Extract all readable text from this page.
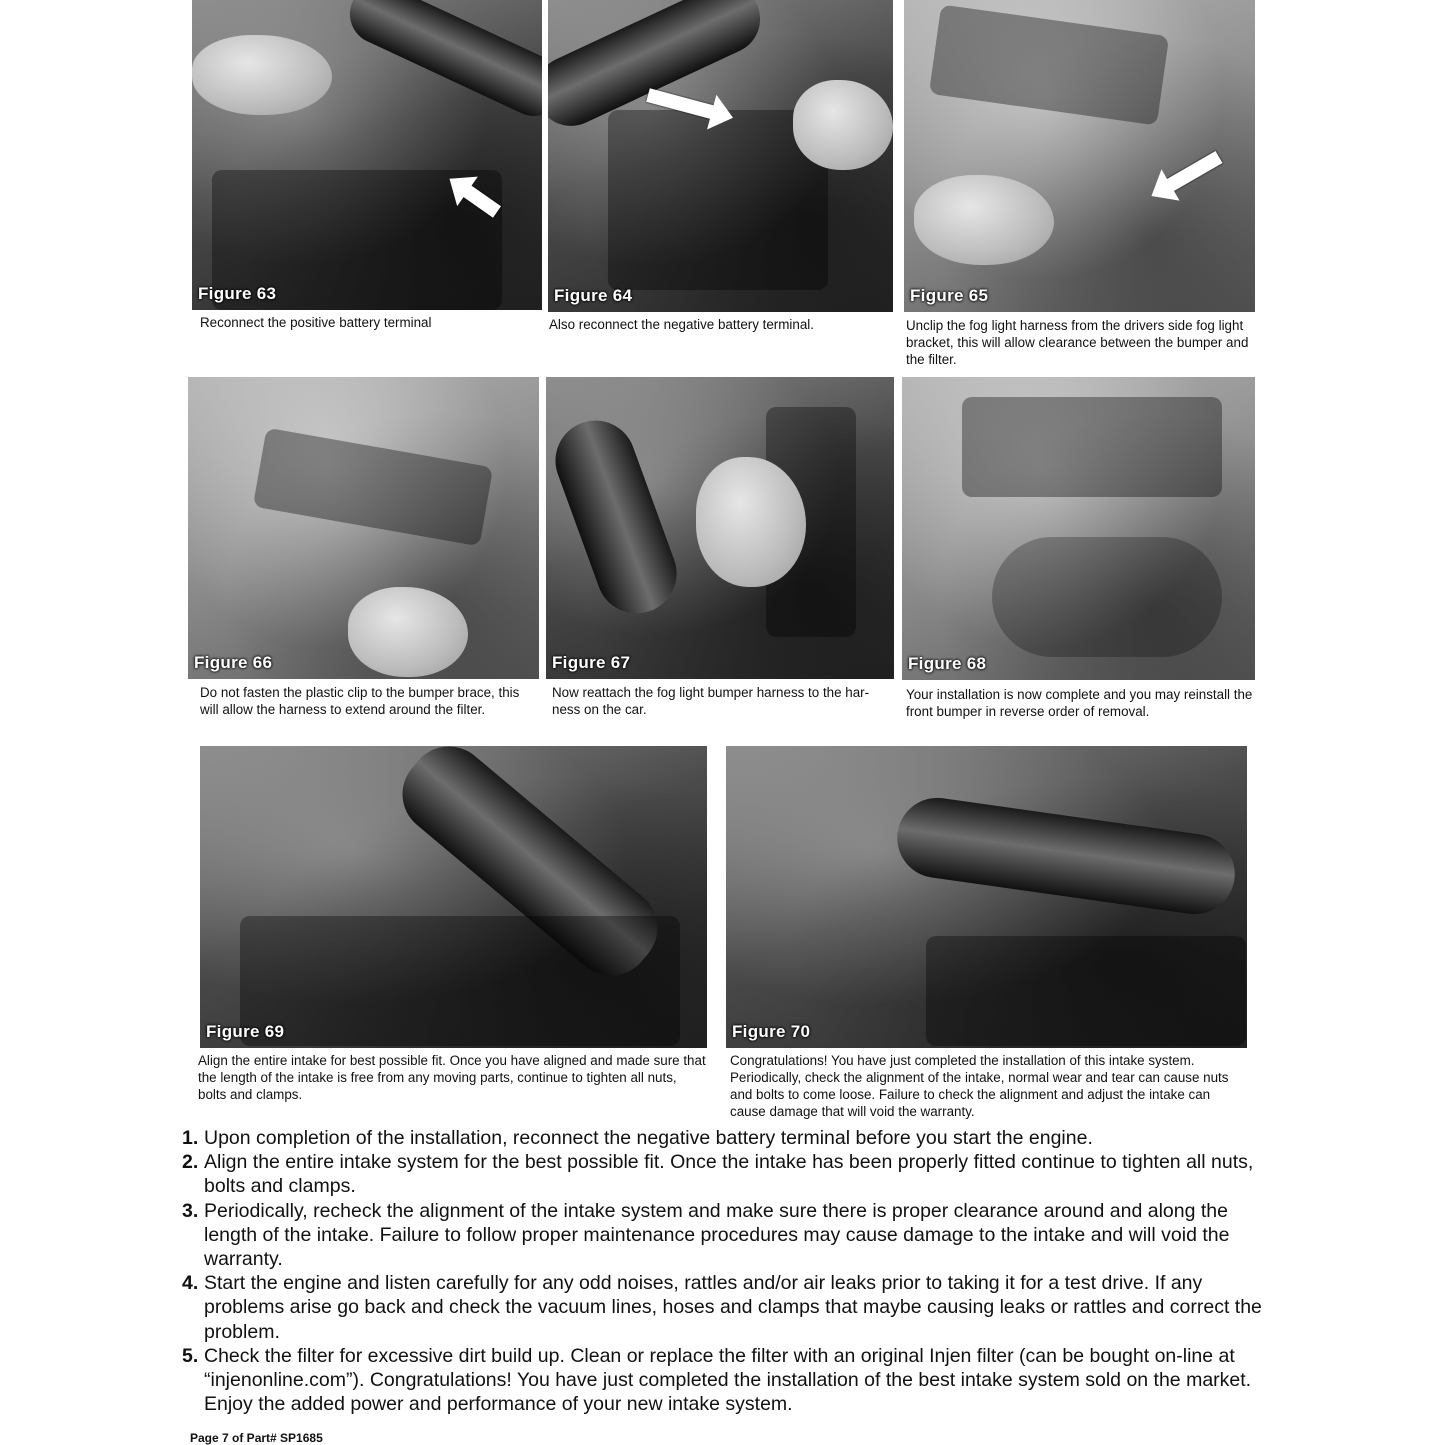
Figure 63
Reconnect the positive battery terminal
Figure 64
Also reconnect the negative battery terminal.
Figure 65
Unclip the fog light harness from the drivers side fog light bracket, this will allow clearance between the bumper and the filter.
Figure 66
Do not fasten the plastic clip to the bumper brace, this will allow the harness to extend around the filter.
Figure 67
Now reattach the fog light bumper harness to the har-ness on the car.
Figure 68
Your installation is now complete and you may reinstall the front bumper in reverse order of removal.
Figure 69
Align the entire intake for best possible fit. Once you have aligned and made sure that the length of the intake is free from any moving parts, continue to tighten all nuts, bolts and clamps.
Figure 70
Congratulations! You have just completed the installation of this intake system. Periodically, check the alignment of the intake, normal wear and tear can cause nuts and bolts to come loose. Failure to check the alignment and adjust the intake can cause damage that will void the warranty.
1. Upon completion of the installation, reconnect the negative battery terminal before you start the engine.
2. Align the entire intake system for the best possible fit. Once the intake has been properly fitted continue to tighten all nuts, bolts and clamps.
3. Periodically, recheck the alignment of the intake system and make sure there is proper clearance around and along the length of the intake. Failure to follow proper maintenance procedures may cause damage to the intake and will void the warranty.
4. Start the engine and listen carefully for any odd noises, rattles and/or air leaks prior to taking it for a test drive. If any problems arise go back and check the vacuum lines, hoses and clamps that maybe causing leaks or rattles and correct the problem.
5. Check the filter for excessive dirt build up. Clean or replace the filter with an original Injen filter (can be bought on-line at “injenonline.com”). Congratulations! You have just completed the installation of the best intake system sold on the market. Enjoy the added power and performance of your new intake system.
Page 7 of Part# SP1685
